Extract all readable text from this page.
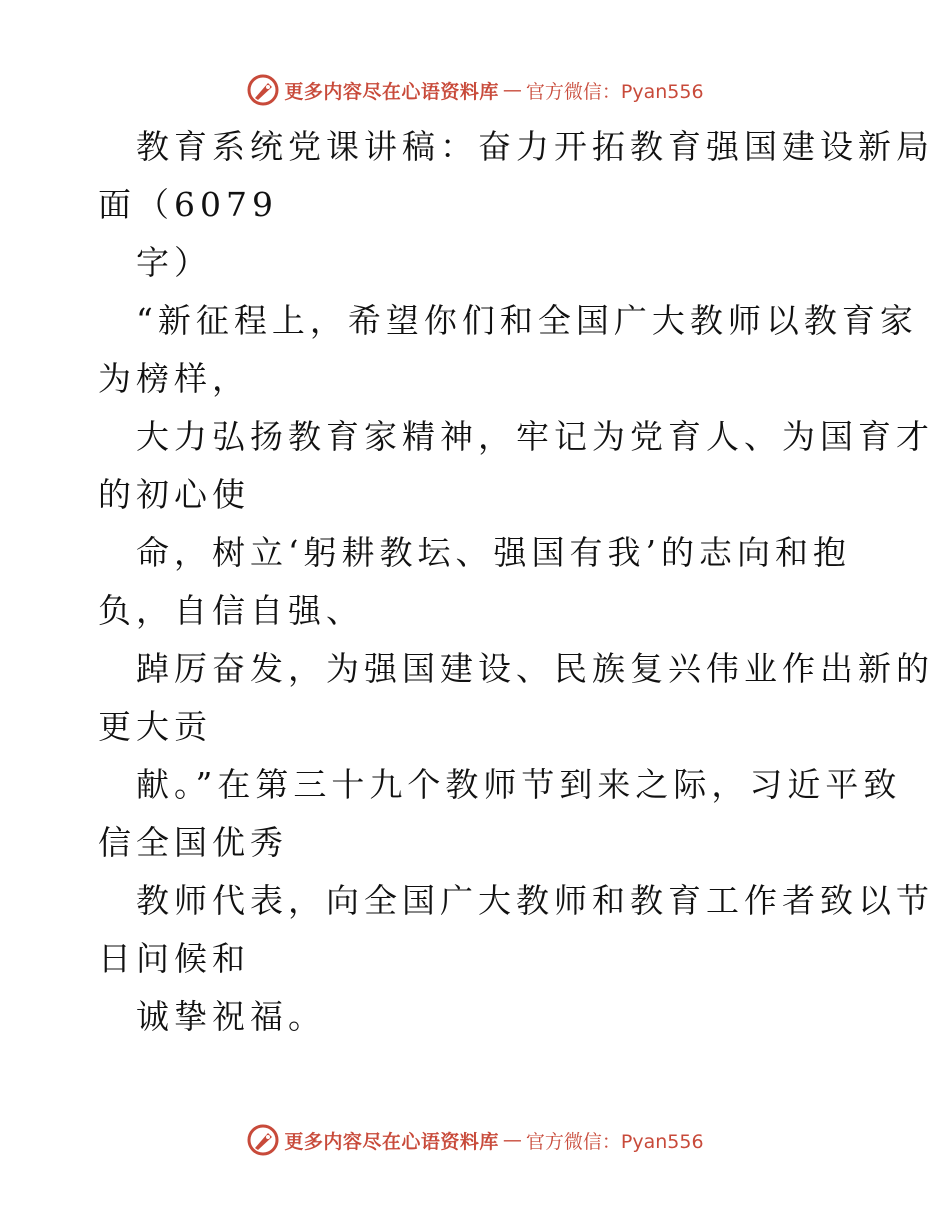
更多内容尽在心语资料库 — 官方微信：Pyan556
教育系统党课讲稿：奋力开拓教育强国建设新局
面（6079
字）
“新征程上，希望你们和全国广大教师以教育家
为榜样，
大力弘扬教育家精神，牢记为党育人、为国育才
的初心使
命，树立‘躬耕教坛、强国有我’的志向和抱
负，自信自强、
踔厉奋发，为强国建设、民族复兴伟业作出新的
更大贡
献。”在第三十九个教师节到来之际，习近平致
信全国优秀
教师代表，向全国广大教师和教育工作者致以节
日问候和
诚挚祝福。
更多内容尽在心语资料库 — 官方微信：Pyan556
